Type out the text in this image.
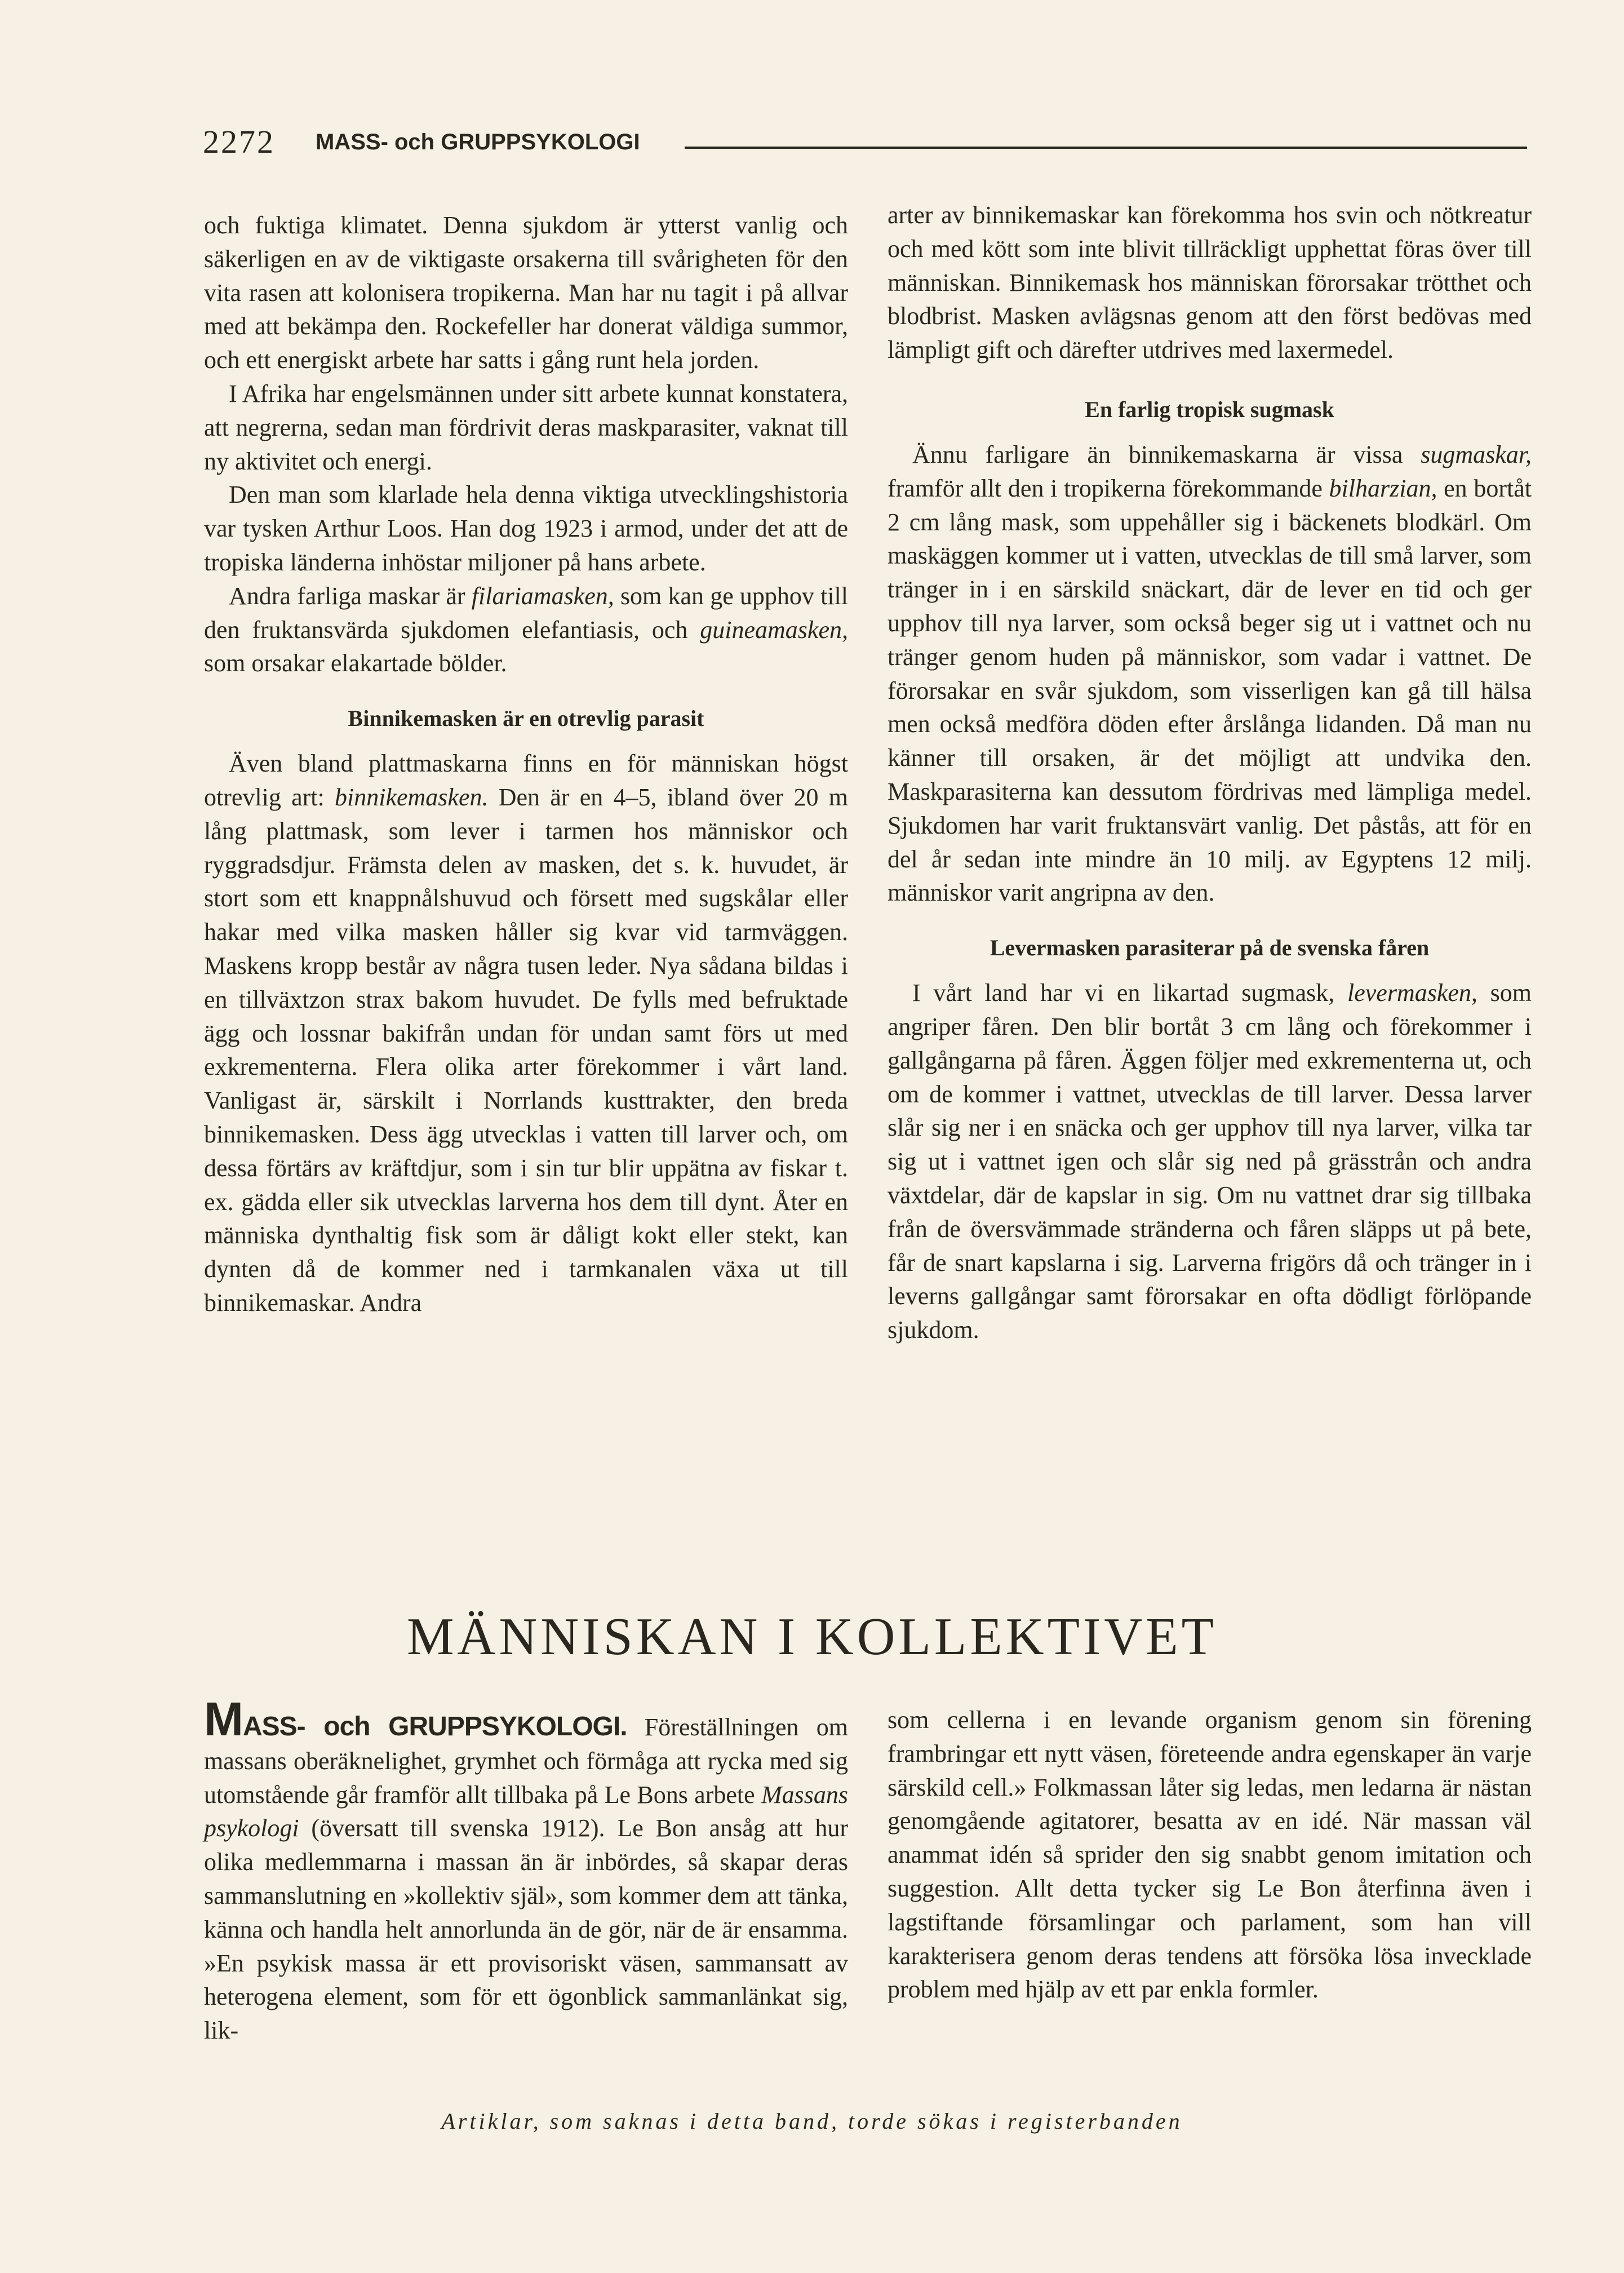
2272 MASS- och GRUPPSYKOLOGI

och fuktiga klimatet. Denna sjukdom är ytterst vanlig och säkerligen en av de viktigaste orsakerna till svårigheten för den vita rasen att kolonisera tropikerna. Man har nu tagit i på allvar med att bekämpa den. Rockefeller har donerat väldiga summor, och ett energiskt arbete har satts i gång runt hela jorden.

I Afrika har engelsmännen under sitt arbete kunnat konstatera, att negrerna, sedan man fördrivit deras maskparasiter, vaknat till ny aktivitet och energi.

Den man som klarlade hela denna viktiga utvecklingshistoria var tysken Arthur Loos. Han dog 1923 i armod, under det att de tropiska länderna inhöstar miljoner på hans arbete.

Andra farliga maskar är filariamasken, som kan ge upphov till den fruktansvärda sjukdomen elefantiasis, och guineamasken, som orsakar elakartade bölder.

Binnikemasken är en otrevlig parasit

Även bland plattmaskarna finns en för människan högst otrevlig art: binnikemasken. Den är en 4–5, ibland över 20 m lång plattmask, som lever i tarmen hos människor och ryggradsdjur. Främsta delen av masken, det s. k. huvudet, är stort som ett knappnålshuvud och försett med sugskålar eller hakar med vilka masken håller sig kvar vid tarmväggen. Maskens kropp består av några tusen leder. Nya sådana bildas i en tillväxtzon strax bakom huvudet. De fylls med befruktade ägg och lossnar bakifrån undan för undan samt förs ut med exkrementerna. Flera olika arter förekommer i vårt land. Vanligast är, särskilt i Norrlands kusttrakter, den breda binnikemasken. Dess ägg utvecklas i vatten till larver och, om dessa förtärs av kräftdjur, som i sin tur blir uppätna av fiskar t. ex. gädda eller sik utvecklas larverna hos dem till dynt. Åter en människa dynthaltig fisk som är dåligt kokt eller stekt, kan dynten då de kommer ned i tarmkanalen växa ut till binnikemaskar. Andra

arter av binnikemaskar kan förekomma hos svin och nötkreatur och med kött som inte blivit tillräckligt upphettat föras över till människan. Binnikemask hos människan förorsakar trötthet och blodbrist. Masken avlägsnas genom att den först bedövas med lämpligt gift och därefter utdrives med laxermedel.

En farlig tropisk sugmask

Ännu farligare än binnikemaskarna är vissa sugmaskar, framför allt den i tropikerna förekommande bilharzian, en bortåt 2 cm lång mask, som uppehåller sig i bäckenets blodkärl. Om maskäggen kommer ut i vatten, utvecklas de till små larver, som tränger in i en särskild snäckart, där de lever en tid och ger upphov till nya larver, som också beger sig ut i vattnet och nu tränger genom huden på människor, som vadar i vattnet. De förorsakar en svår sjukdom, som visserligen kan gå till hälsa men också medföra döden efter årslånga lidanden. Då man nu känner till orsaken, är det möjligt att undvika den. Maskparasiterna kan dessutom fördrivas med lämpliga medel. Sjukdomen har varit fruktansvärt vanlig. Det påstås, att för en del år sedan inte mindre än 10 milj. av Egyptens 12 milj. människor varit angripna av den.

Levermasken parasiterar på de svenska fåren

I vårt land har vi en likartad sugmask, levermasken, som angriper fåren. Den blir bortåt 3 cm lång och förekommer i gallgångarna på fåren. Äggen följer med exkrementerna ut, och om de kommer i vattnet, utvecklas de till larver. Dessa larver slår sig ner i en snäcka och ger upphov till nya larver, vilka tar sig ut i vattnet igen och slår sig ned på grässtrån och andra växtdelar, där de kapslar in sig. Om nu vattnet drar sig tillbaka från de översvämmade stränderna och fåren släpps ut på bete, får de snart kapslarna i sig. Larverna frigörs då och tränger in i leverns gallgångar samt förorsakar en ofta dödligt förlöpande sjukdom.

MÄNNISKAN I KOLLEKTIVET

MASS- och GRUPPSYKOLOGI. Föreställningen om massans oberäknelighet, grymhet och förmåga att rycka med sig utomstående går framför allt tillbaka på Le Bons arbete Massans psykologi (översatt till svenska 1912). Le Bon ansåg att hur olika medlemmarna i massan än är inbördes, så skapar deras sammanslutning en »kollektiv själ», som kommer dem att tänka, känna och handla helt annorlunda än de gör, när de är ensamma. »En psykisk massa är ett provisoriskt väsen, sammansatt av heterogena element, som för ett ögonblick sammanlänkat sig, lik-

som cellerna i en levande organism genom sin förening frambringar ett nytt väsen, företeende andra egenskaper än varje särskild cell.» Folkmassan låter sig ledas, men ledarna är nästan genomgående agitatorer, besatta av en idé. När massan väl anammat idén så sprider den sig snabbt genom imitation och suggestion. Allt detta tycker sig Le Bon återfinna även i lagstiftande församlingar och parlament, som han vill karakterisera genom deras tendens att försöka lösa invecklade problem med hjälp av ett par enkla formler.

Artiklar, som saknas i detta band, torde sökas i registerbanden
